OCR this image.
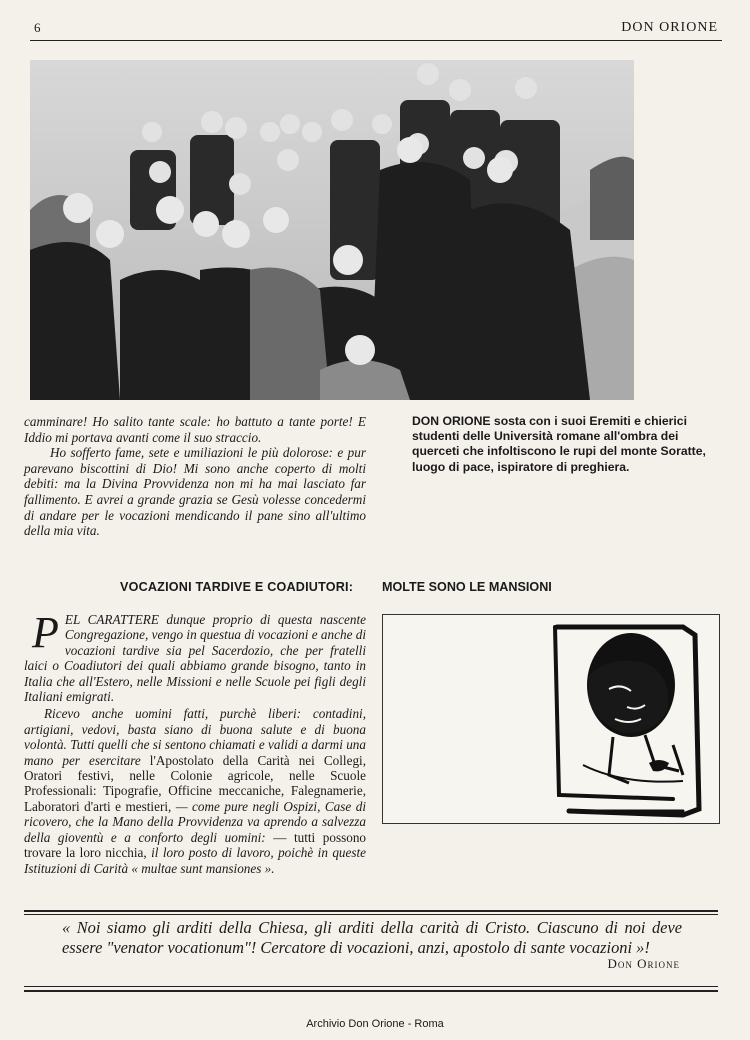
6	DON ORIONE

camminare! Ho salito tante scale: ho battuto a tante porte! E Iddio mi portava avanti come il suo straccio.

Ho sofferto fame, sete e umiliazioni le più dolorose: e pur parevano biscottini di Dio! Mi sono anche coperto di molti debiti: ma la Divina Provvidenza non mi ha mai lasciato far fallimento. E avrei a grande grazia se Gesù volesse concedermi di andare per le vocazioni mendicando il pane sino all'ultimo della mia vita.

DON ORIONE sosta con i suoi Eremiti e chierici studenti delle Università romane all'ombra dei querceti che infoltiscono le rupi del monte Soratte, luogo di pace, ispiratore di preghiera.
VOCAZIONI TARDIVE E COADIUTORI: MOLTE SONO LE MANSIONI

PEL CARATTERE dunque proprio di questa nascente Congregazione, vengo in questua di vocazioni e anche di vocazioni tardive sia pel Sacerdozio, che per fratelli laici o Coadiutori dei quali abbiamo grande bisogno, tanto in Italia che all'Estero, nelle Missioni e nelle Scuole pei figli degli Italiani emigrati.

Ricevo anche uomini fatti, purchè liberi: contadini, artigiani, vedovi, basta siano di buona salute e di buona volontà. Tutti quelli che si sentono chiamati e validi a darmi una mano per esercitare l'Apostolato della Carità nei Collegi, Oratori festivi, nelle Colonie agricole, nelle Scuole Professionali: Tipografie, Officine meccaniche, Falegnamerie, Laboratori d'arti e mestieri, — come pure negli Ospizi, Case di ricovero, che la Mano della Provvidenza va aprendo a salvezza della gioventù e a conforto degli uomini: — tutti possono trovare la loro nicchia, il loro posto di lavoro, poichè in queste Istituzioni di Carità « multae sunt mansiones ».

« Noi siamo gli arditi della Chiesa, gli arditi della carità di Cristo. Ciascuno di noi deve essere "venator vocationum"! Cercatore di vocazioni, anzi, apostolo di sante vocazioni »!
Don Orione
Archivio Don Orione - Roma
